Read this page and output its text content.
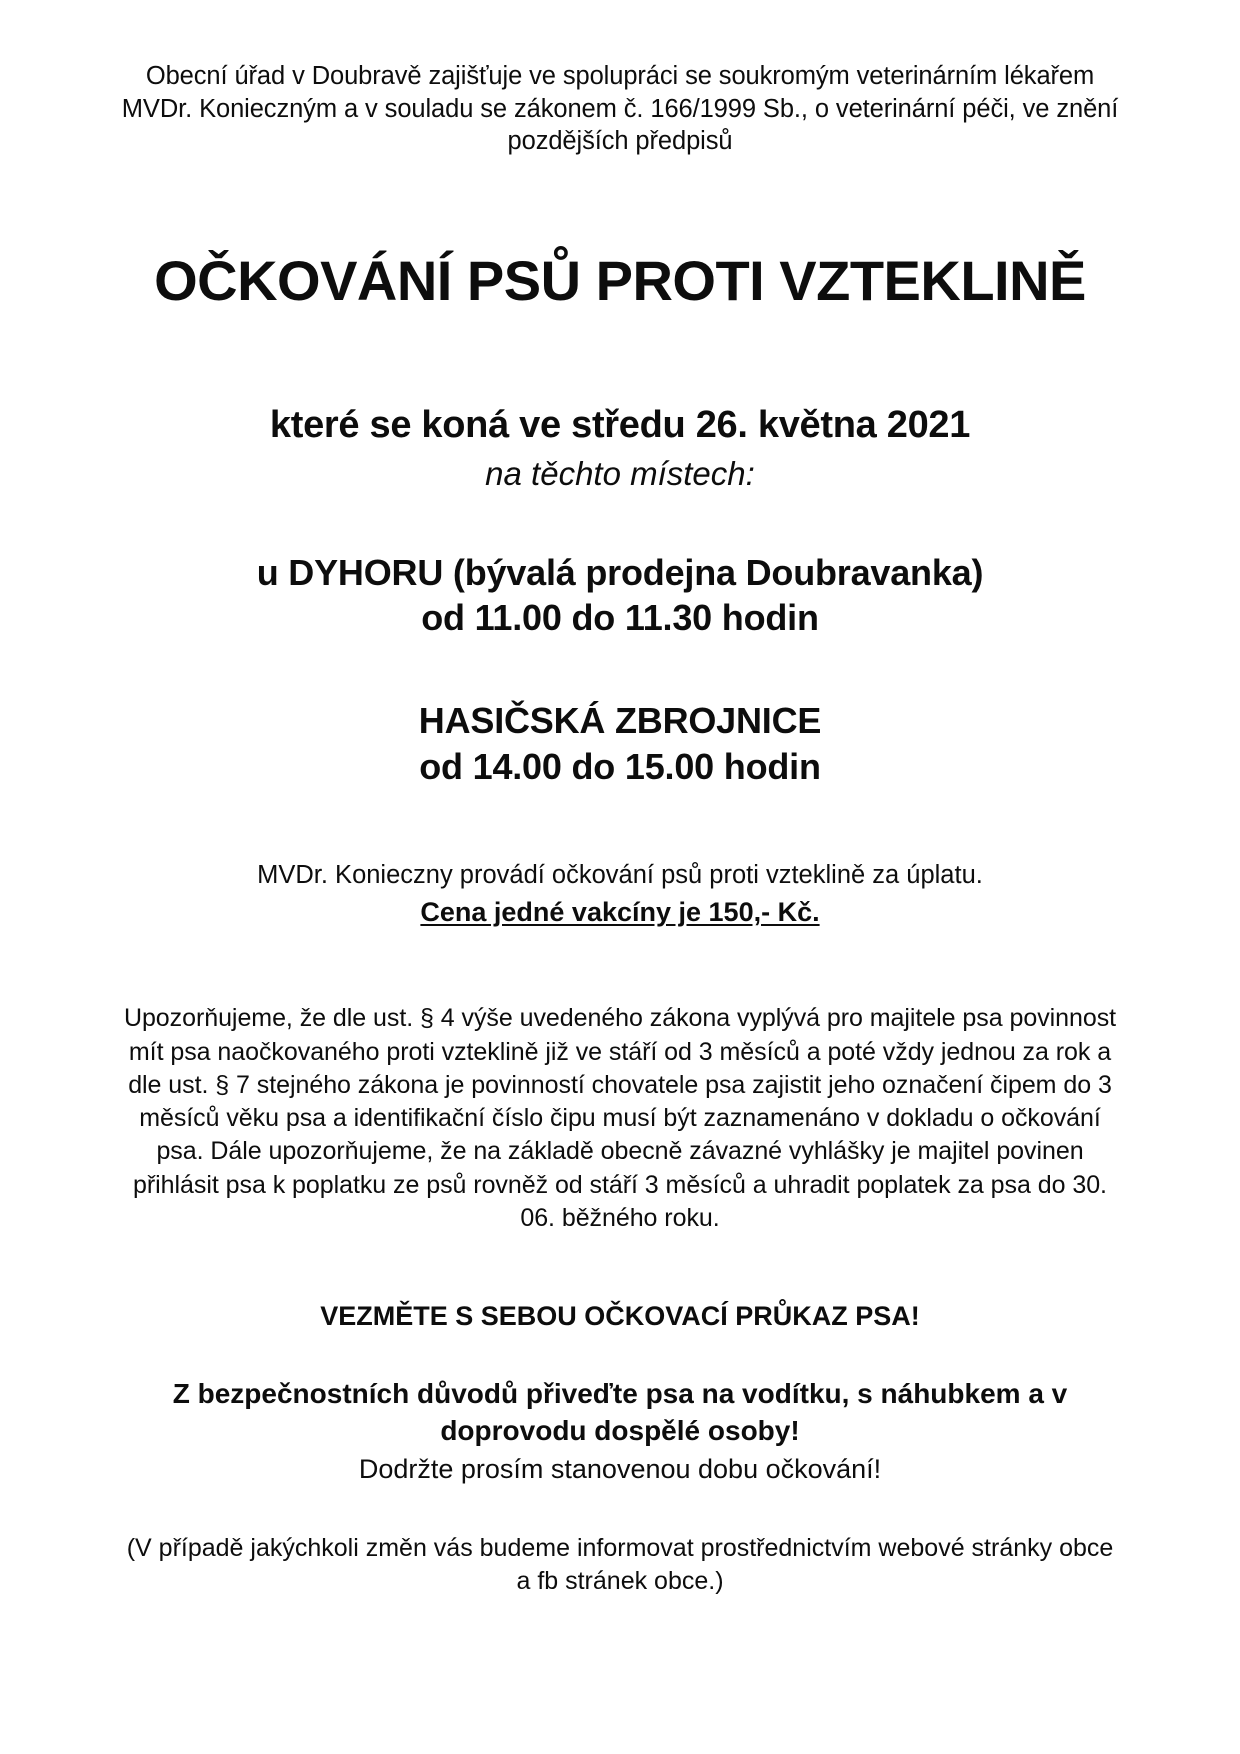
Obecní úřad v Doubravě zajišťuje ve spolupráci se soukromým veterinárním lékařem MVDr. Konieczným a v souladu se zákonem č. 166/1999 Sb., o veterinární péči, ve znění pozdějších předpisů

OČKOVÁNÍ PSŮ PROTI VZTEKLINĚ
které se koná ve středu 26. května 2021
na těchto místech:
u DYHORU (bývalá prodejna Doubravanka)
od 11.00 do 11.30 hodin
HASIČSKÁ ZBROJNICE
od 14.00 do 15.00 hodin
MVDr. Konieczny provádí očkování psů proti vzteklině za úplatu.
Cena jedné vakcíny je 150,- Kč.

Upozorňujeme, že dle ust. § 4 výše uvedeného zákona vyplývá pro majitele psa povinnost mít psa naočkovaného proti vzteklině již ve stáří od 3 měsíců a poté vždy jednou za rok a dle ust. § 7 stejného zákona je povinností chovatele psa zajistit jeho označení čipem do 3 měsíců věku psa a identifikační číslo čipu musí být zaznamenáno v dokladu o očkování psa. Dále upozorňujeme, že na základě obecně závazné vyhlášky je majitel povinen přihlásit psa k poplatku ze psů rovněž od stáří 3 měsíců a uhradit poplatek za psa do 30. 06. běžného roku.

VEZMĚTE S SEBOU OČKOVACÍ PRŮKAZ PSA!
Z bezpečnostních důvodů přiveďte psa na vodítku, s náhubkem a v doprovodu dospělé osoby!
Dodržte prosím stanovenou dobu očkování!
(V případě jakýchkoli změn vás budeme informovat prostřednictvím webové stránky obce a fb stránek obce.)
